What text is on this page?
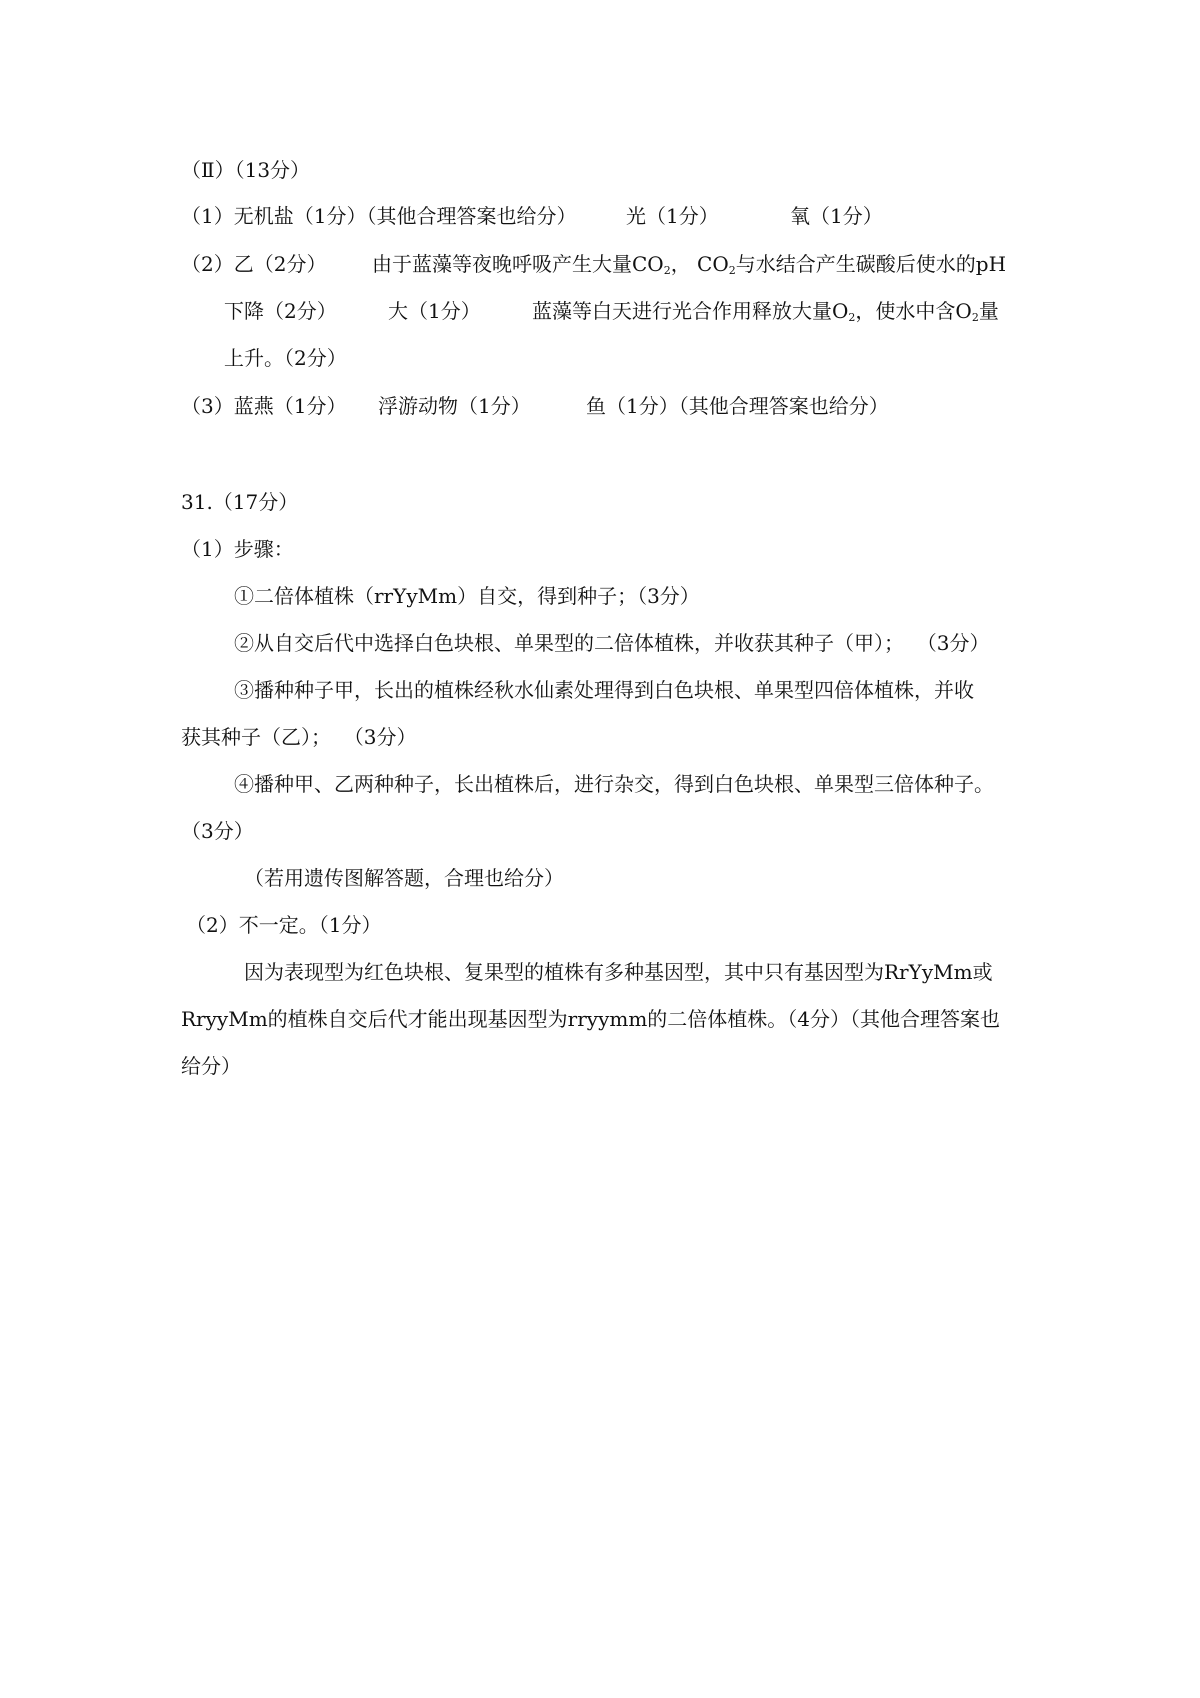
（Ⅱ）（13分）
（1）无机盐（1分）（其他合理答案也给分） 光（1分）	氧（1分）
（2）乙（2分） 由于蓝藻等夜晚呼吸产生大量$CO_2$， $CO_2$与水结合产生碳酸后使水的pH
下降（2分）	大（1分）	蓝藻等白天进行光合作用释放大量$O_2$，使水中含$O_2$量
上升。（2分）
（3）蓝燕（1分） 浮游动物（1分）	鱼（1分）（其他合理答案也给分）
31.（17分）
（1）步骤：
①二倍体植株（rrYyMm）自交，得到种子；（3分）
②从自交后代中选择白色块根、单果型的二倍体植株，并收获其种子（甲）；  （3分）
③播种种子甲，长出的植株经秋水仙素处理得到白色块根、单果型四倍体植株，并收
获其种子（乙）；  （3分）
④播种甲、乙两种种子，长出植株后，进行杂交，得到白色块根、单果型三倍体种子。
（3分）
（若用遗传图解答题，合理也给分）
（2）不一定。（1分）
因为表现型为红色块根、复果型的植株有多种基因型，其中只有基因型为RrYyMm或
RryyMm的植株自交后代才能出现基因型为rryymm的二倍体植株。（4分）（其他合理答案也
给分）
